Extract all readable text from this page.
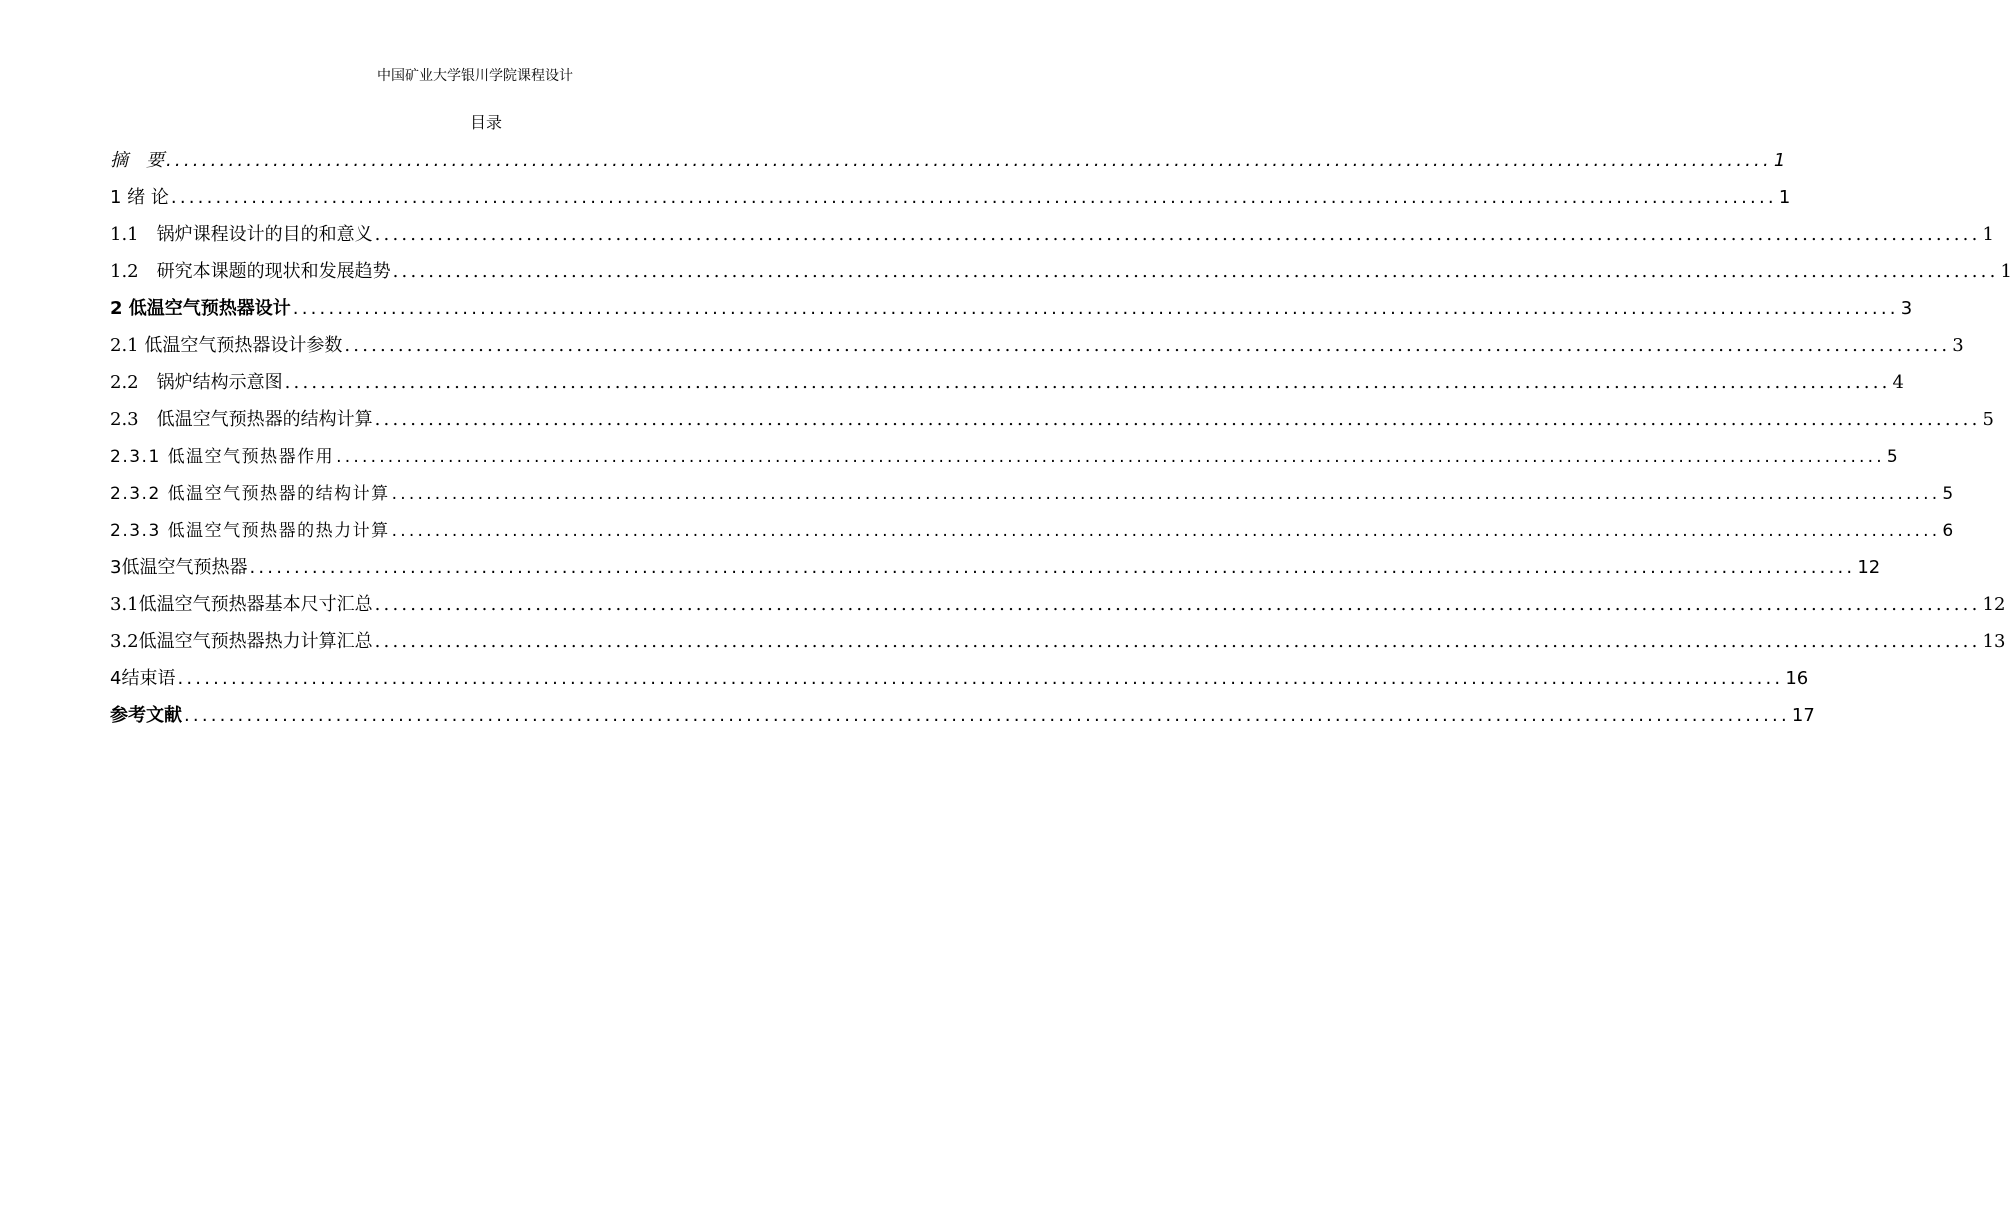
中国矿业大学银川学院课程设计
目录
摘　要 .................................................................................................................................................................................... 1
1 绪 论 .................................................................................................................................................................................... 1
1.1　锅炉课程设计的目的和意义 .................................................................................................................................................................................... 1
1.2　研究本课题的现状和发展趋势 .................................................................................................................................................................................... 1
2 低温空气预热器设计 .................................................................................................................................................................................... 3
2.1 低温空气预热器设计参数 .................................................................................................................................................................................... 3
2.2　锅炉结构示意图 .................................................................................................................................................................................... 4
2.3　低温空气预热器的结构计算 .................................................................................................................................................................................... 5
2.3.1 低温空气预热器作用 .................................................................................................................................................................................... 5
2.3.2 低温空气预热器的结构计算 .................................................................................................................................................................................... 5
2.3.3 低温空气预热器的热力计算 .................................................................................................................................................................................... 6
3低温空气预热器 .................................................................................................................................................................................... 12
3.1低温空气预热器基本尺寸汇总 .................................................................................................................................................................................... 12
3.2低温空气预热器热力计算汇总 .................................................................................................................................................................................... 13
4结束语 .................................................................................................................................................................................... 16
参考文献 .................................................................................................................................................................................... 17
